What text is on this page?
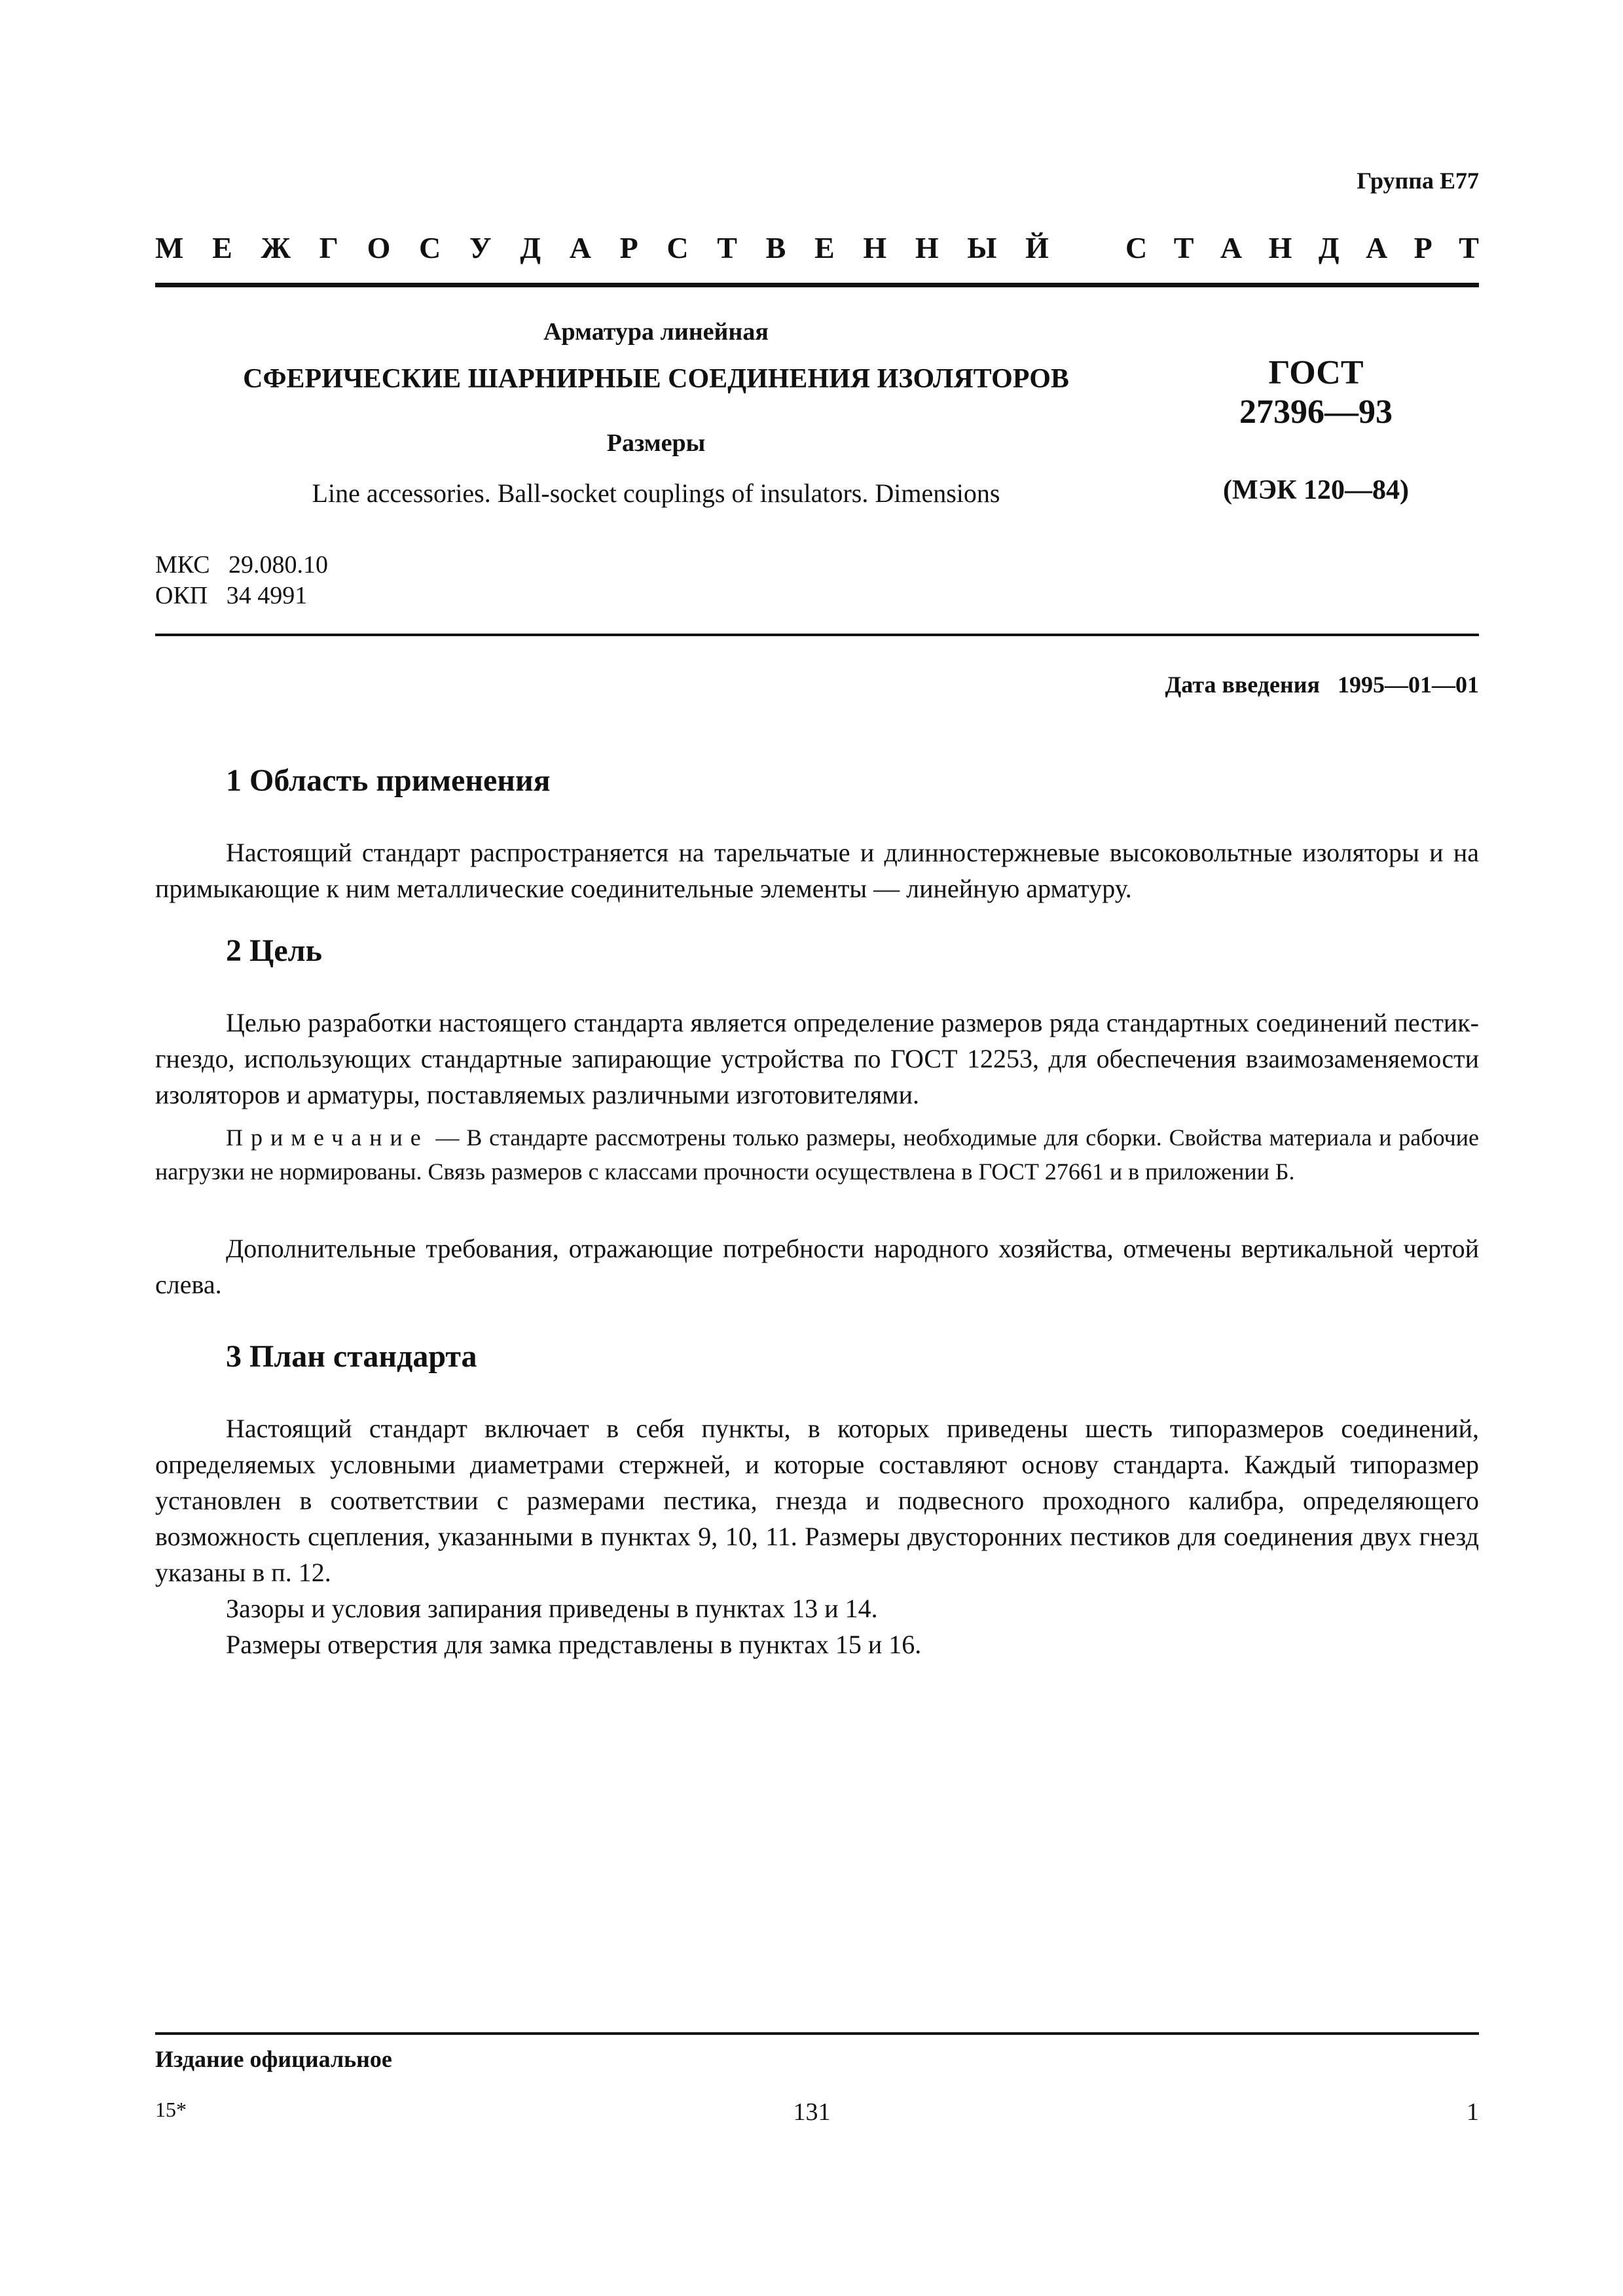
Группа Е77
М Е Ж Г О С У Д А Р С Т В Е Н Н Ы Й	С Т А Н Д А Р Т
Арматура линейная
СФЕРИЧЕСКИЕ ШАРНИРНЫЕ СОЕДИНЕНИЯ ИЗОЛЯТОРОВ
Размеры
Line accessories. Ball-socket couplings of insulators. Dimensions
ГОСТ
27396—93
(МЭК 120—84)
МКС   29.080.10
ОКП   34 4991
Дата введения   1995—01—01
1 Область применения
Настоящий стандарт распространяется на тарельчатые и длинностержневые высоковольтные изоляторы и на примыкающие к ним металлические соединительные элементы — линейную арматуру.
2 Цель
Целью разработки настоящего стандарта является определение размеров ряда стандартных соединений пестик-гнездо, использующих стандартные запирающие устройства по ГОСТ 12253, для обеспечения взаимозаменяемости изоляторов и арматуры, поставляемых различными изготовителями.
Примечание — В стандарте рассмотрены только размеры, необходимые для сборки. Свойства материала и рабочие нагрузки не нормированы. Связь размеров с классами прочности осуществлена в ГОСТ 27661 и в приложении Б.
Дополнительные требования, отражающие потребности народного хозяйства, отмечены вертикальной чертой слева.
3 План стандарта
Настоящий стандарт включает в себя пункты, в которых приведены шесть типоразмеров соединений, определяемых условными диаметрами стержней, и которые составляют основу стандарта. Каждый типоразмер установлен в соответствии с размерами пестика, гнезда и подвесного проходного калибра, определяющего возможность сцепления, указанными в пунктах 9, 10, 11. Размеры двусторонних пестиков для соединения двух гнезд указаны в п. 12.
Зазоры и условия запирания приведены в пунктах 13 и 14.
Размеры отверстия для замка представлены в пунктах 15 и 16.
Издание официальное
15*	131	1
